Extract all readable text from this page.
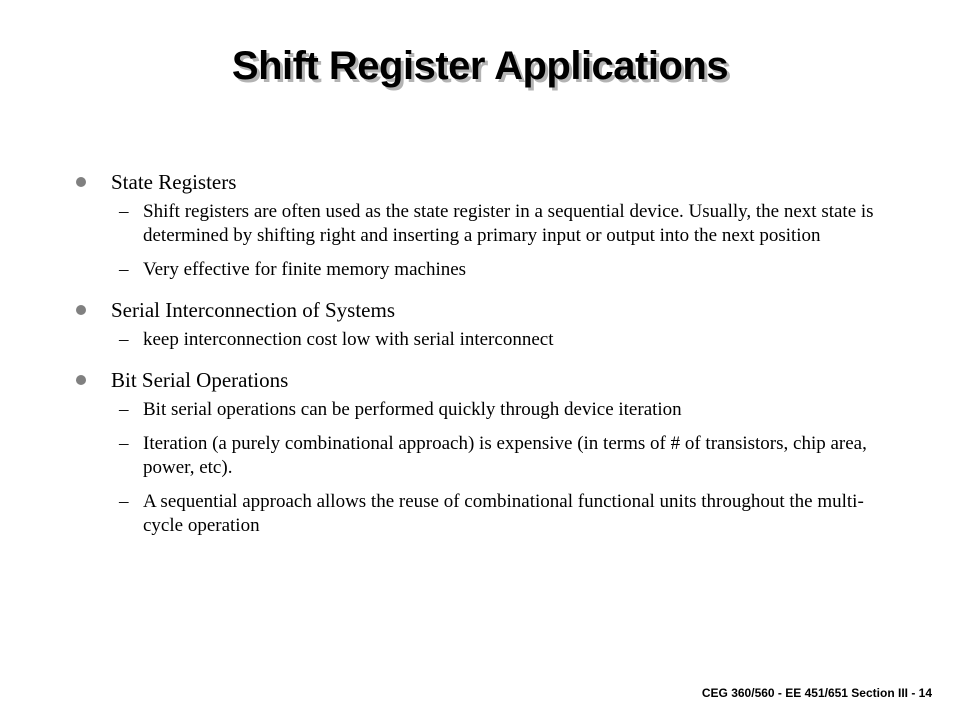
Shift Register Applications
State Registers
– Shift registers are often used as the state register in a sequential device. Usually, the next state is determined by shifting right and inserting a primary input or output into the next position
– Very effective for finite memory machines
Serial Interconnection of Systems
– keep interconnection cost low with serial interconnect
Bit Serial Operations
– Bit serial operations can be performed quickly through device iteration
– Iteration (a purely combinational approach) is expensive (in terms of # of transistors, chip area, power, etc).
– A sequential approach allows the reuse of combinational functional units throughout the multi-cycle operation
CEG 360/560 - EE 451/651 Section III - 14
